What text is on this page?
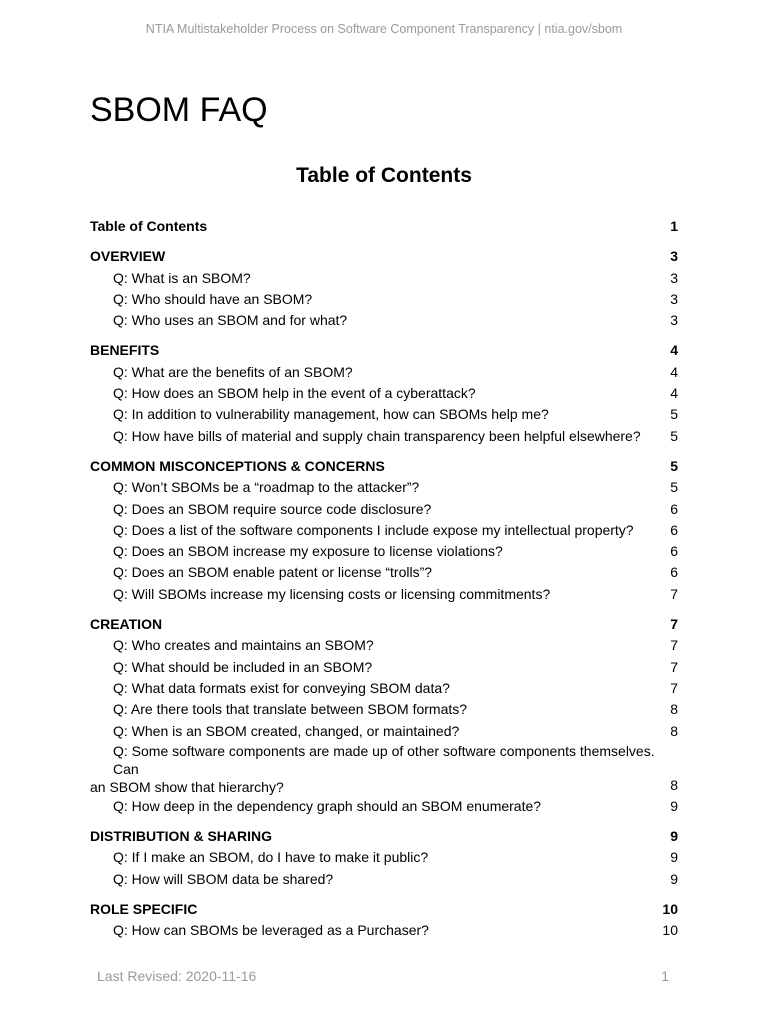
NTIA Multistakeholder Process on Software Component Transparency | ntia.gov/sbom
SBOM FAQ
Table of Contents
Table of Contents	1
OVERVIEW	3
Q: What is an SBOM?	3
Q: Who should have an SBOM?	3
Q: Who uses an SBOM and for what?	3
BENEFITS	4
Q: What are the benefits of an SBOM?	4
Q: How does an SBOM help in the event of a cyberattack?	4
Q: In addition to vulnerability management, how can SBOMs help me?	5
Q: How have bills of material and supply chain transparency been helpful elsewhere?	5
COMMON MISCONCEPTIONS & CONCERNS	5
Q: Won’t SBOMs be a “roadmap to the attacker”?	5
Q: Does an SBOM require source code disclosure?	6
Q: Does a list of the software components I include expose my intellectual property?	6
Q: Does an SBOM increase my exposure to license violations?	6
Q: Does an SBOM enable patent or license “trolls”?	6
Q: Will SBOMs increase my licensing costs or licensing commitments?	7
CREATION	7
Q: Who creates and maintains an SBOM?	7
Q: What should be included in an SBOM?	7
Q: What data formats exist for conveying SBOM data?	7
Q: Are there tools that translate between SBOM formats?	8
Q: When is an SBOM created, changed, or maintained?	8
Q: Some software components are made up of other software components themselves. Can
an SBOM show that hierarchy?	8
Q: How deep in the dependency graph should an SBOM enumerate?	9
DISTRIBUTION & SHARING	9
Q: If I make an SBOM, do I have to make it public?	9
Q: How will SBOM data be shared?	9
ROLE SPECIFIC	10
Q: How can SBOMs be leveraged as a Purchaser?	10
Last Revised: 2020-11-16	1
